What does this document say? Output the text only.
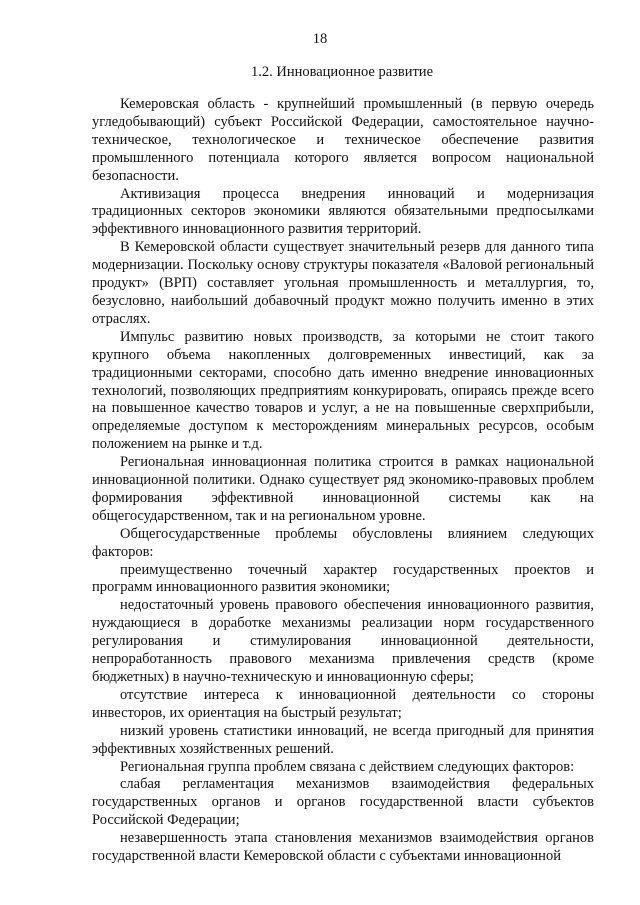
18
1.2. Инновационное развитие

Кемеровская область - крупнейший промышленный (в первую очередь угледобывающий) субъект Российской Федерации, самостоятельное научно-техническое, технологическое и техническое обеспечение развития промышленного потенциала которого является вопросом национальной безопасности.

Активизация процесса внедрения инноваций и модернизация традиционных секторов экономики являются обязательными предпосылками эффективного инновационного развития территорий.

В Кемеровской области существует значительный резерв для данного типа модернизации. Поскольку основу структуры показателя «Валовой региональный продукт» (ВРП) составляет угольная промышленность и металлургия, то, безусловно, наибольший добавочный продукт можно получить именно в этих отраслях.

Импульс развитию новых производств, за которыми не стоит такого крупного объема накопленных долговременных инвестиций, как за традиционными секторами, способно дать именно внедрение инновационных технологий, позволяющих предприятиям конкурировать, опираясь прежде всего на повышенное качество товаров и услуг, а не на повышенные сверхприбыли, определяемые доступом к месторождениям минеральных ресурсов, особым положением на рынке и т.д.

Региональная инновационная политика строится в рамках национальной инновационной политики. Однако существует ряд экономико-правовых проблем формирования эффективной инновационной системы как на общегосударственном, так и на региональном уровне.

Общегосударственные проблемы обусловлены влиянием следующих факторов:

преимущественно точечный характер государственных проектов и программ инновационного развития экономики;

недостаточный уровень правового обеспечения инновационного развития, нуждающиеся в доработке механизмы реализации норм государственного регулирования и стимулирования инновационной деятельности, непроработанность правового механизма привлечения средств (кроме бюджетных) в научно-техническую и инновационную сферы;

отсутствие интереса к инновационной деятельности со стороны инвесторов, их ориентация на быстрый результат;

низкий уровень статистики инноваций, не всегда пригодный для принятия эффективных хозяйственных решений.

Региональная группа проблем связана с действием следующих факторов:

слабая регламентация механизмов взаимодействия федеральных государственных органов и органов государственной власти субъектов Российской Федерации;

незавершенность этапа становления механизмов взаимодействия органов государственной власти Кемеровской области с субъектами инновационной
